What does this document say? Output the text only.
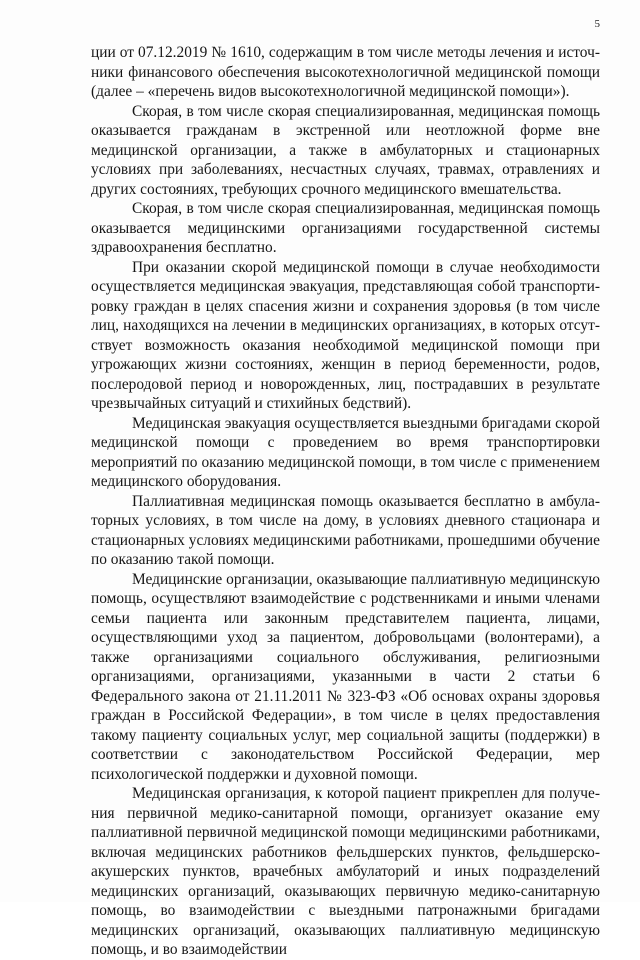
5

ции от 07.12.2019 № 1610, содержащим в том числе методы лечения и источники финансового обеспечения высокотехнологичной медицинской помощи (далее – «перечень видов высокотехнологичной медицинской помощи»).

Скорая, в том числе скорая специализированная, медицинская помощь оказывается гражданам в экстренной или неотложной форме вне медицинской организации, а также в амбулаторных и стационарных условиях при заболеваниях, несчастных случаях, травмах, отравлениях и других состояниях, требующих срочного медицинского вмешательства.

Скорая, в том числе скорая специализированная, медицинская помощь оказывается медицинскими организациями государственной системы здравоохранения бесплатно.

При оказании скорой медицинской помощи в случае необходимости осуществляется медицинская эвакуация, представляющая собой транспортировку граждан в целях спасения жизни и сохранения здоровья (в том числе лиц, находящихся на лечении в медицинских организациях, в которых отсутствует возможность оказания необходимой медицинской помощи при угрожающих жизни состояниях, женщин в период беременности, родов, послеродовой период и новорожденных, лиц, пострадавших в результате чрезвычайных ситуаций и стихийных бедствий).

Медицинская эвакуация осуществляется выездными бригадами скорой медицинской помощи с проведением во время транспортировки мероприятий по оказанию медицинской помощи, в том числе с применением медицинского оборудования.

Паллиативная медицинская помощь оказывается бесплатно в амбулаторных условиях, в том числе на дому, в условиях дневного стационара и стационарных условиях медицинскими работниками, прошедшими обучение по оказанию такой помощи.

Медицинские организации, оказывающие паллиативную медицинскую помощь, осуществляют взаимодействие с родственниками и иными членами семьи пациента или законным представителем пациента, лицами, осуществляющими уход за пациентом, добровольцами (волонтерами), а также организациями социального обслуживания, религиозными организациями, организациями, указанными в части 2 статьи 6 Федерального закона от 21.11.2011 № 323-ФЗ «Об основах охраны здоровья граждан в Российской Федерации», в том числе в целях предоставления такому пациенту социальных услуг, мер социальной защиты (поддержки) в соответствии с законодательством Российской Федерации, мер психологической поддержки и духовной помощи.

Медицинская организация, к которой пациент прикреплен для получения первичной медико-санитарной помощи, организует оказание ему паллиативной первичной медицинской помощи медицинскими работниками, включая медицинских работников фельдшерских пунктов, фельдшерско-акушерских пунктов, врачебных амбулаторий и иных подразделений медицинских организаций, оказывающих первичную медико-санитарную помощь, во взаимодействии с выездными патронажными бригадами медицинских организаций, оказывающих паллиативную медицинскую помощь, и во взаимодействии
